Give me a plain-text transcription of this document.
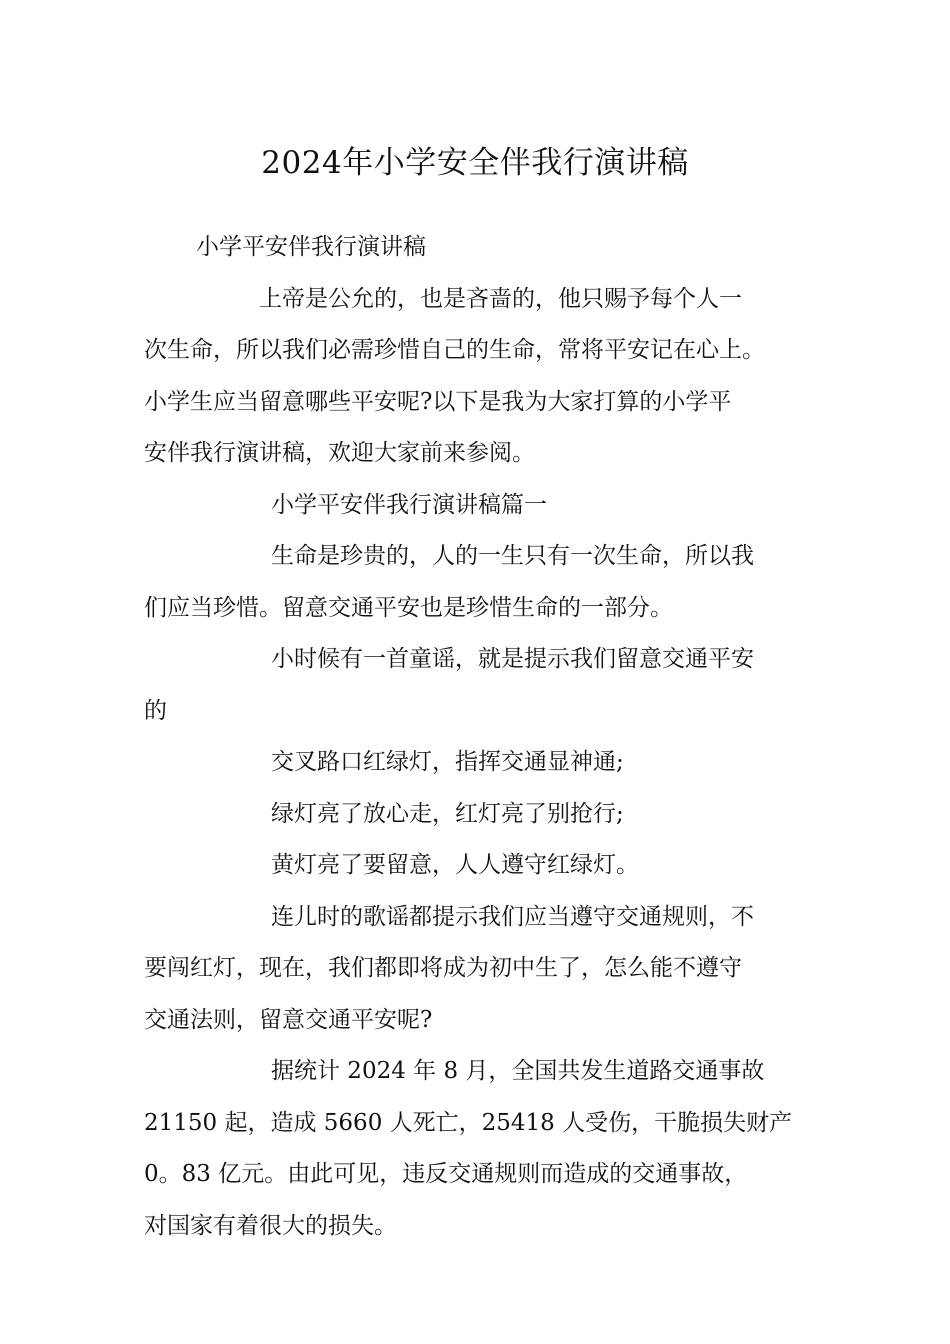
2024年小学安全伴我行演讲稿
小学平安伴我行演讲稿
上帝是公允的，也是吝啬的，他只赐予每个人一
次生命，所以我们必需珍惜自己的生命，常将平安记在心上。
小学生应当留意哪些平安呢?以下是我为大家打算的小学平
安伴我行演讲稿，欢迎大家前来参阅。
小学平安伴我行演讲稿篇一
生命是珍贵的，人的一生只有一次生命，所以我
们应当珍惜。留意交通平安也是珍惜生命的一部分。
小时候有一首童谣，就是提示我们留意交通平安
的
交叉路口红绿灯，指挥交通显神通;
绿灯亮了放心走，红灯亮了别抢行;
黄灯亮了要留意，人人遵守红绿灯。
连儿时的歌谣都提示我们应当遵守交通规则，不
要闯红灯，现在，我们都即将成为初中生了，怎么能不遵守
交通法则，留意交通平安呢?
据统计 2024 年 8 月，全国共发生道路交通事故
21150 起，造成 5660 人死亡，25418 人受伤，干脆损失财产
0。83 亿元。由此可见，违反交通规则而造成的交通事故，
对国家有着很大的损失。
